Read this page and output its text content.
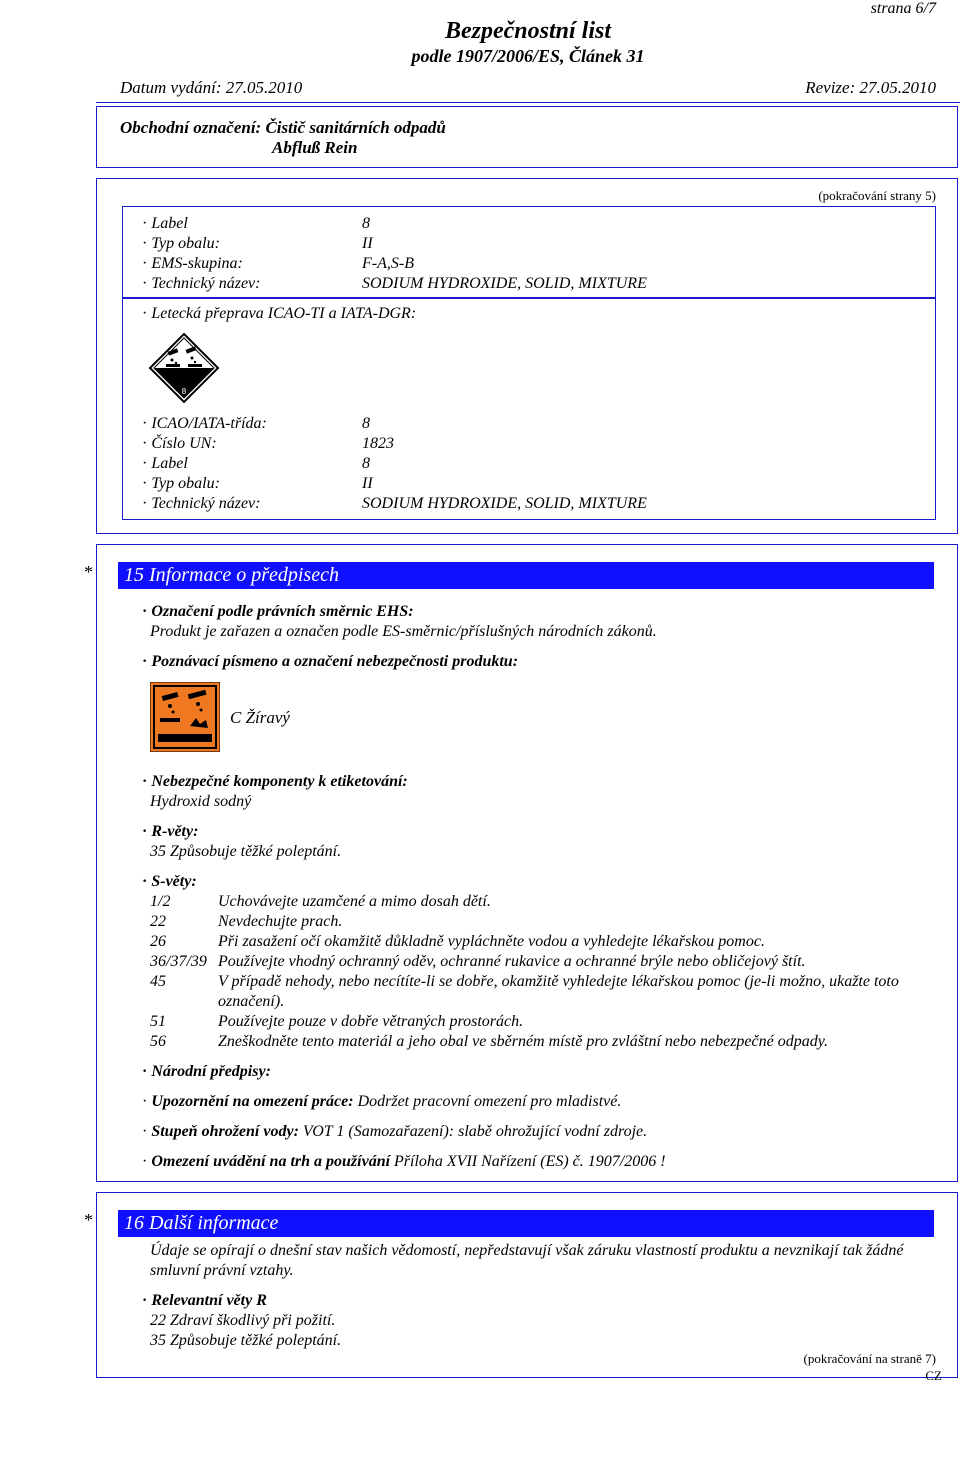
strana 6/7
Bezpečnostní list
podle 1907/2006/ES, Článek 31
Datum vydání: 27.05.2010	Revize: 27.05.2010
Obchodní označení: Čistič sanitárních odpadů
Abfluß Rein
(pokračování strany 5)
· Label	8
· Typ obalu:	II
· EMS-skupina:	F-A,S-B
· Technický název:	SODIUM HYDROXIDE, SOLID, MIXTURE
· Letecká přeprava ICAO-TI a IATA-DGR:
8
· ICAO/IATA-třída:	8
· Číslo UN:	1823
· Label	8
· Typ obalu:	II
· Technický název:	SODIUM HYDROXIDE, SOLID, MIXTURE
*	15 Informace o předpisech
· Označení podle právních směrnic EHS:
Produkt je zařazen a označen podle ES-směrnic/příslušných národních zákonů.
· Poznávací písmeno a označení nebezpečnosti produktu:
C Žíravý
· Nebezpečné komponenty k etiketování:
Hydroxid sodný
· R-věty:
35 Způsobuje těžké poleptání.
· S-věty:
1/2	Uchovávejte uzamčené a mimo dosah dětí.
22	Nevdechujte prach.
26	Při zasažení očí okamžitě důkladně vypláchněte vodou a vyhledejte lékařskou pomoc.
36/37/39 Používejte vhodný ochranný oděv, ochranné rukavice a ochranné brýle nebo obličejový štít.
45	V případě nehody, nebo necítíte-li se dobře, okamžitě vyhledejte lékařskou pomoc (je-li možno, ukažte toto označení).
51	Používejte pouze v dobře větraných prostorách.
56	Zneškodněte tento materiál a jeho obal ve sběrném místě pro zvláštní nebo nebezpečné odpady.
· Národní předpisy:
· Upozornění na omezení práce: Dodržet pracovní omezení pro mladistvé.
· Stupeň ohrožení vody: VOT 1 (Samozařazení): slabě ohrožující vodní zdroje.
· Omezení uvádění na trh a používání Příloha XVII Nařízení (ES) č. 1907/2006 !
*	16 Další informace
Údaje se opírají o dnešní stav našich vědomostí, nepředstavují však záruku vlastností produktu a nevznikají tak žádné smluvní právní vztahy.
· Relevantní věty R
22 Zdraví škodlivý při požití.
35 Způsobuje těžké poleptání.
(pokračování na straně 7)
CZ
